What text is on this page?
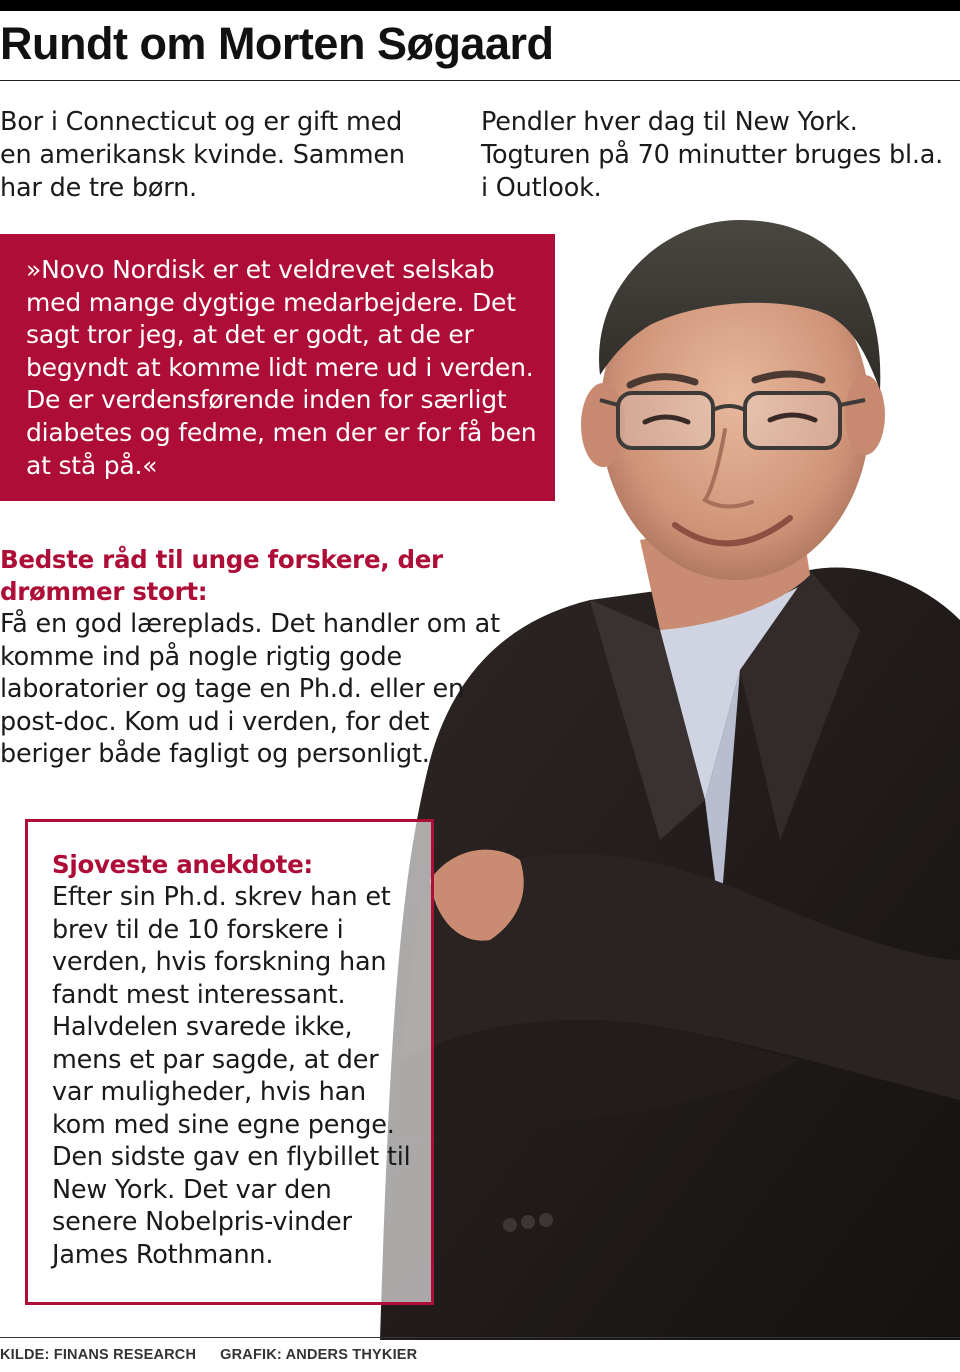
Rundt om Morten Søgaard

Bor i Connecticut og er gift med en amerikansk kvinde. Sammen har de tre børn.

Pendler hver dag til New York. Togturen på 70 minutter bruges bl.a. i Outlook.

»Novo Nordisk er et veldrevet selskab med mange dygtige medarbejdere. Det sagt tror jeg, at det er godt, at de er begyndt at komme lidt mere ud i verden. De er verdensførende inden for særligt diabetes og fedme, men der er for få ben at stå på.«

Bedste råd til unge forskere, der drømmer stort:

Få en god læreplads. Det handler om at komme ind på nogle rigtig gode laboratorier og tage en Ph.d. eller en post-doc. Kom ud i verden, for det beriger både fagligt og personligt.

Sjoveste anekdote:

Efter sin Ph.d. skrev han et brev til de 10 forskere i verden, hvis forskning han fandt mest interessant. Halvdelen svarede ikke, mens et par sagde, at der var muligheder, hvis han kom med sine egne penge. Den sidste gav en flybillet til New York. Det var den senere Nobelpris-vinder James Rothmann.

KILDE: FINANS RESEARCH GRAFIK: ANDERS THYKIER
